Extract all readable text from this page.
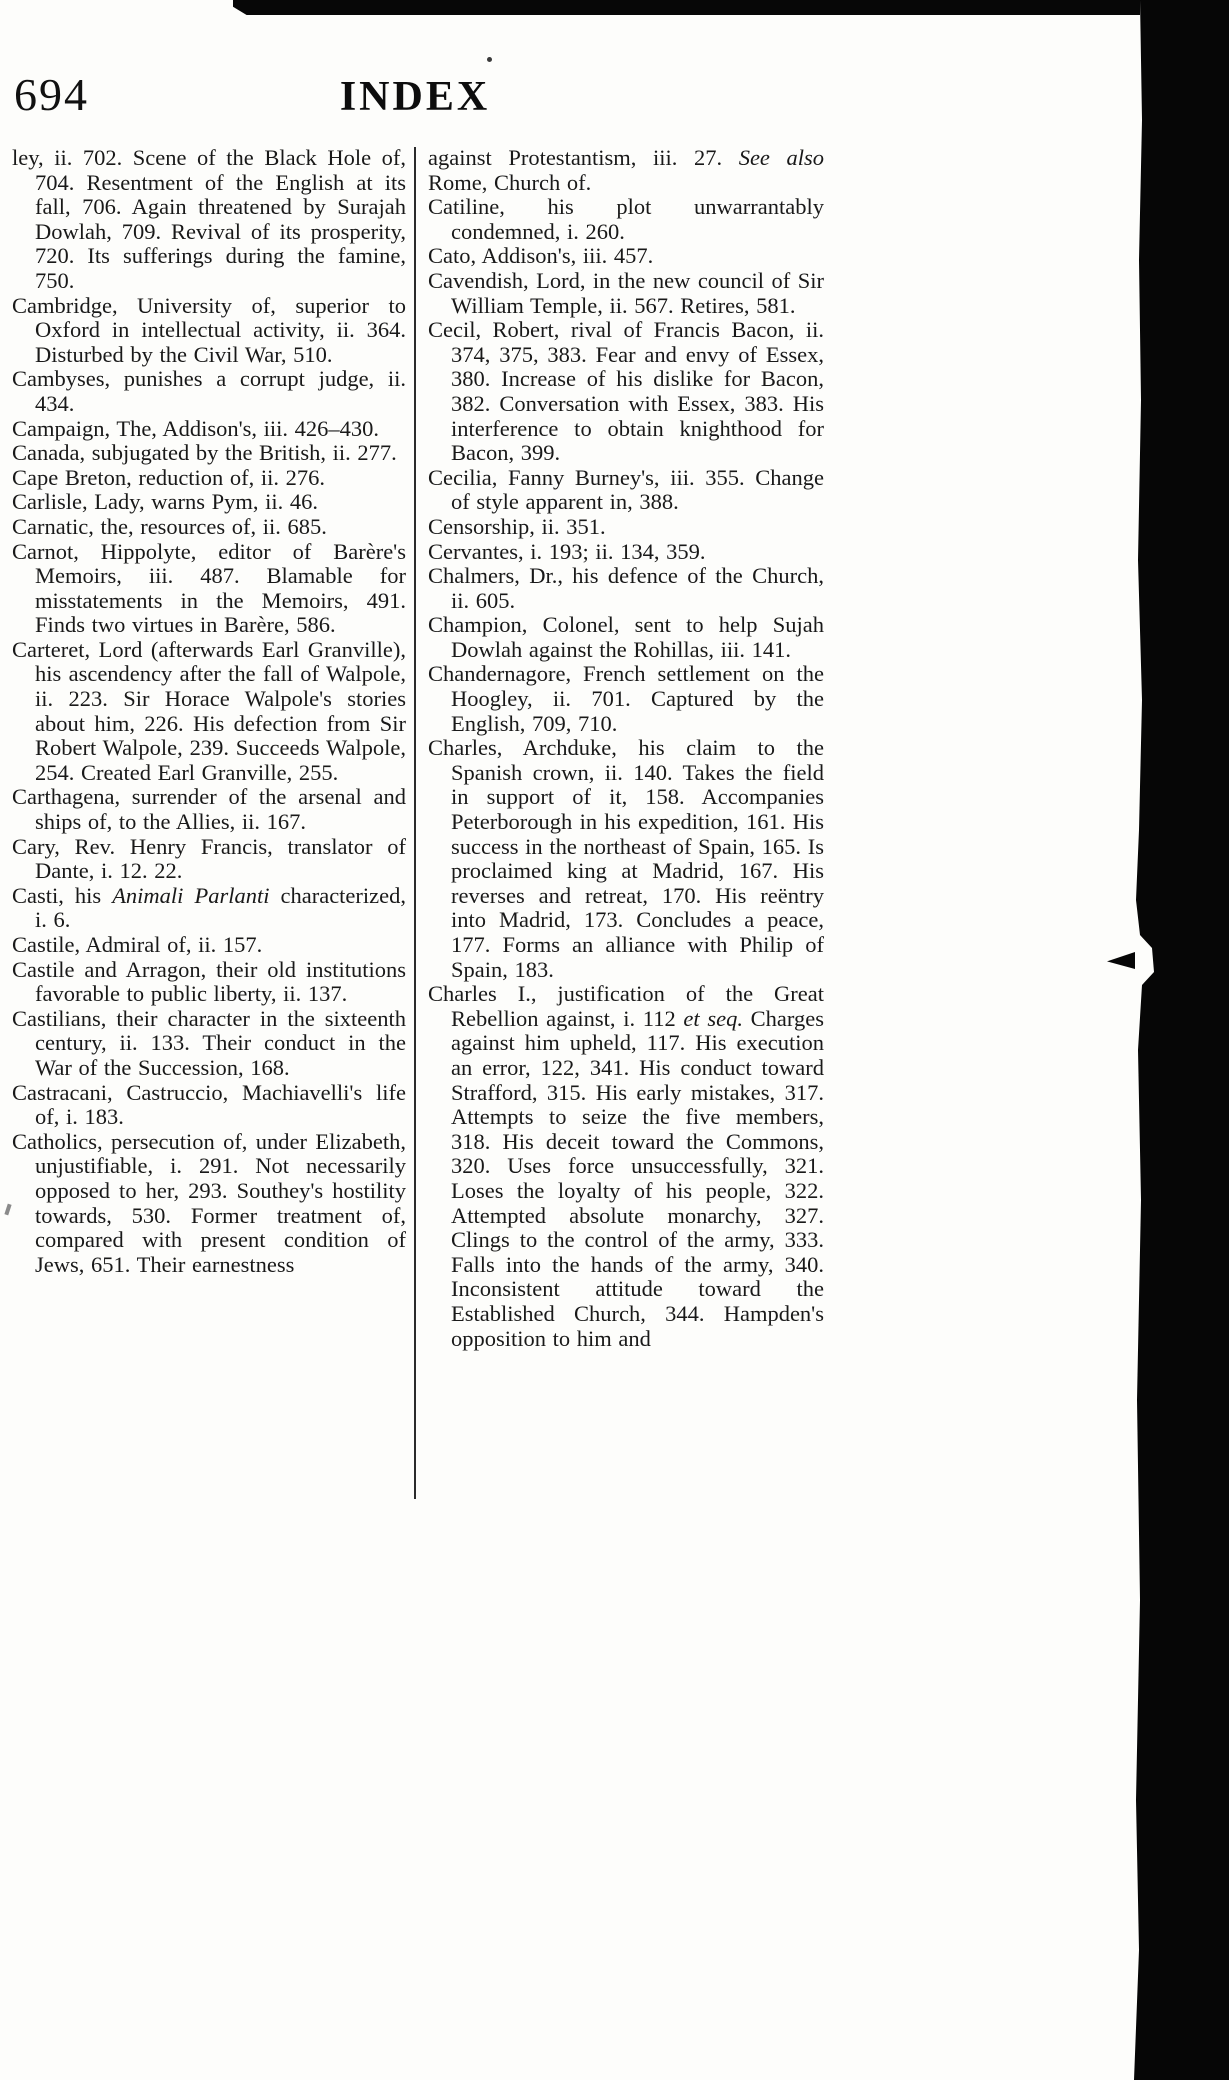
694	INDEX
ley, ii. 702. Scene of the Black Hole of, 704. Resentment of the English at its fall, 706. Again threatened by Surajah Dowlah, 709. Revival of its prosperity, 720. Its sufferings during the famine, 750.
Cambridge, University of, superior to Oxford in intellectual activity, ii. 364. Disturbed by the Civil War, 510.
Cambyses, punishes a corrupt judge, ii. 434.
Campaign, The, Addison's, iii. 426–430.
Canada, subjugated by the British, ii. 277.
Cape Breton, reduction of, ii. 276.
Carlisle, Lady, warns Pym, ii. 46.
Carnatic, the, resources of, ii. 685.
Carnot, Hippolyte, editor of Barère's Memoirs, iii. 487. Blamable for misstatements in the Memoirs, 491. Finds two virtues in Barère, 586.
Carteret, Lord (afterwards Earl Granville), his ascendency after the fall of Walpole, ii. 223. Sir Horace Walpole's stories about him, 226. His defection from Sir Robert Walpole, 239. Succeeds Walpole, 254. Created Earl Granville, 255.
Carthagena, surrender of the arsenal and ships of, to the Allies, ii. 167.
Cary, Rev. Henry Francis, translator of Dante, i. 12. 22.
Casti, his Animali Parlanti characterized, i. 6.
Castile, Admiral of, ii. 157.
Castile and Arragon, their old institutions favorable to public liberty, ii. 137.
Castilians, their character in the sixteenth century, ii. 133. Their conduct in the War of the Succession, 168.
Castracani, Castruccio, Machiavelli's life of, i. 183.
Catholics, persecution of, under Elizabeth, unjustifiable, i. 291. Not necessarily opposed to her, 293. Southey's hostility towards, 530. Former treatment of, compared with present condition of Jews, 651. Their earnestness
against Protestantism, iii. 27. See also Rome, Church of.
Catiline, his plot unwarrantably condemned, i. 260.
Cato, Addison's, iii. 457.
Cavendish, Lord, in the new council of Sir William Temple, ii. 567. Retires, 581.
Cecil, Robert, rival of Francis Bacon, ii. 374, 375, 383. Fear and envy of Essex, 380. Increase of his dislike for Bacon, 382. Conversation with Essex, 383. His interference to obtain knighthood for Bacon, 399.
Cecilia, Fanny Burney's, iii. 355. Change of style apparent in, 388.
Censorship, ii. 351.
Cervantes, i. 193; ii. 134, 359.
Chalmers, Dr., his defence of the Church, ii. 605.
Champion, Colonel, sent to help Sujah Dowlah against the Rohillas, iii. 141.
Chandernagore, French settlement on the Hoogley, ii. 701. Captured by the English, 709, 710.
Charles, Archduke, his claim to the Spanish crown, ii. 140. Takes the field in support of it, 158. Accompanies Peterborough in his expedition, 161. His success in the northeast of Spain, 165. Is proclaimed king at Madrid, 167. His reverses and retreat, 170. His reëntry into Madrid, 173. Concludes a peace, 177. Forms an alliance with Philip of Spain, 183.
Charles I., justification of the Great Rebellion against, i. 112 et seq. Charges against him upheld, 117. His execution an error, 122, 341. His conduct toward Strafford, 315. His early mistakes, 317. Attempts to seize the five members, 318. His deceit toward the Commons, 320. Uses force unsuccessfully, 321. Loses the loyalty of his people, 322. Attempted absolute monarchy, 327. Clings to the control of the army, 333. Falls into the hands of the army, 340. Inconsistent attitude toward the Established Church, 344. Hampden's opposition to him and
